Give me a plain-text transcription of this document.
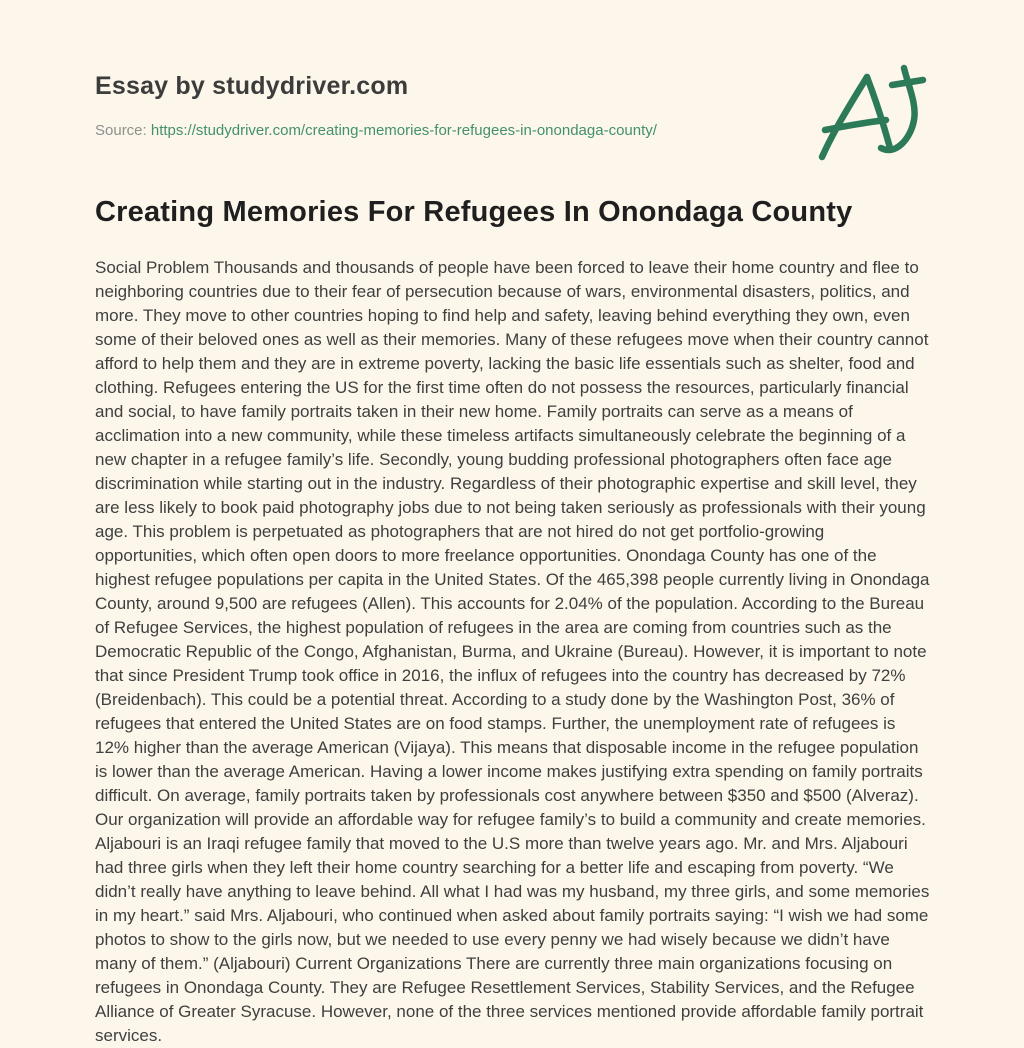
Essay by studydriver.com
Source: https://studydriver.com/creating-memories-for-refugees-in-onondaga-county/
Creating Memories For Refugees In Onondaga County

Social Problem Thousands and thousands of people have been forced to leave their home country and flee to neighboring countries due to their fear of persecution because of wars, environmental disasters, politics, and more. They move to other countries hoping to find help and safety, leaving behind everything they own, even some of their beloved ones as well as their memories. Many of these refugees move when their country cannot afford to help them and they are in extreme poverty, lacking the basic life essentials such as shelter, food and clothing. Refugees entering the US for the first time often do not possess the resources, particularly financial and social, to have family portraits taken in their new home. Family portraits can serve as a means of acclimation into a new community, while these timeless artifacts simultaneously celebrate the beginning of a new chapter in a refugee family’s life. Secondly, young budding professional photographers often face age discrimination while starting out in the industry. Regardless of their photographic expertise and skill level, they are less likely to book paid photography jobs due to not being taken seriously as professionals with their young age. This problem is perpetuated as photographers that are not hired do not get portfolio-growing opportunities, which often open doors to more freelance opportunities. Onondaga County has one of the highest refugee populations per capita in the United States. Of the 465,398 people currently living in Onondaga County, around 9,500 are refugees (Allen). This accounts for 2.04% of the population. According to the Bureau of Refugee Services, the highest population of refugees in the area are coming from countries such as the Democratic Republic of the Congo, Afghanistan, Burma, and Ukraine (Bureau). However, it is important to note that since President Trump took office in 2016, the influx of refugees into the country has decreased by 72% (Breidenbach). This could be a potential threat. According to a study done by the Washington Post, 36% of refugees that entered the United States are on food stamps. Further, the unemployment rate of refugees is 12% higher than the average American (Vijaya). This means that disposable income in the refugee population is lower than the average American. Having a lower income makes justifying extra spending on family portraits difficult. On average, family portraits taken by professionals cost anywhere between $350 and $500 (Alveraz). Our organization will provide an affordable way for refugee family’s to build a community and create memories. Aljabouri is an Iraqi refugee family that moved to the U.S more than twelve years ago. Mr. and Mrs. Aljabouri had three girls when they left their home country searching for a better life and escaping from poverty. “We didn’t really have anything to leave behind. All what I had was my husband, my three girls, and some memories in my heart.” said Mrs. Aljabouri, who continued when asked about family portraits saying: “I wish we had some photos to show to the girls now, but we needed to use every penny we had wisely because we didn’t have many of them.” (Aljabouri) Current Organizations There are currently three main organizations focusing on refugees in Onondaga County. They are Refugee Resettlement Services, Stability Services, and the Refugee Alliance of Greater Syracuse. However, none of the three services mentioned provide affordable family portrait services.
